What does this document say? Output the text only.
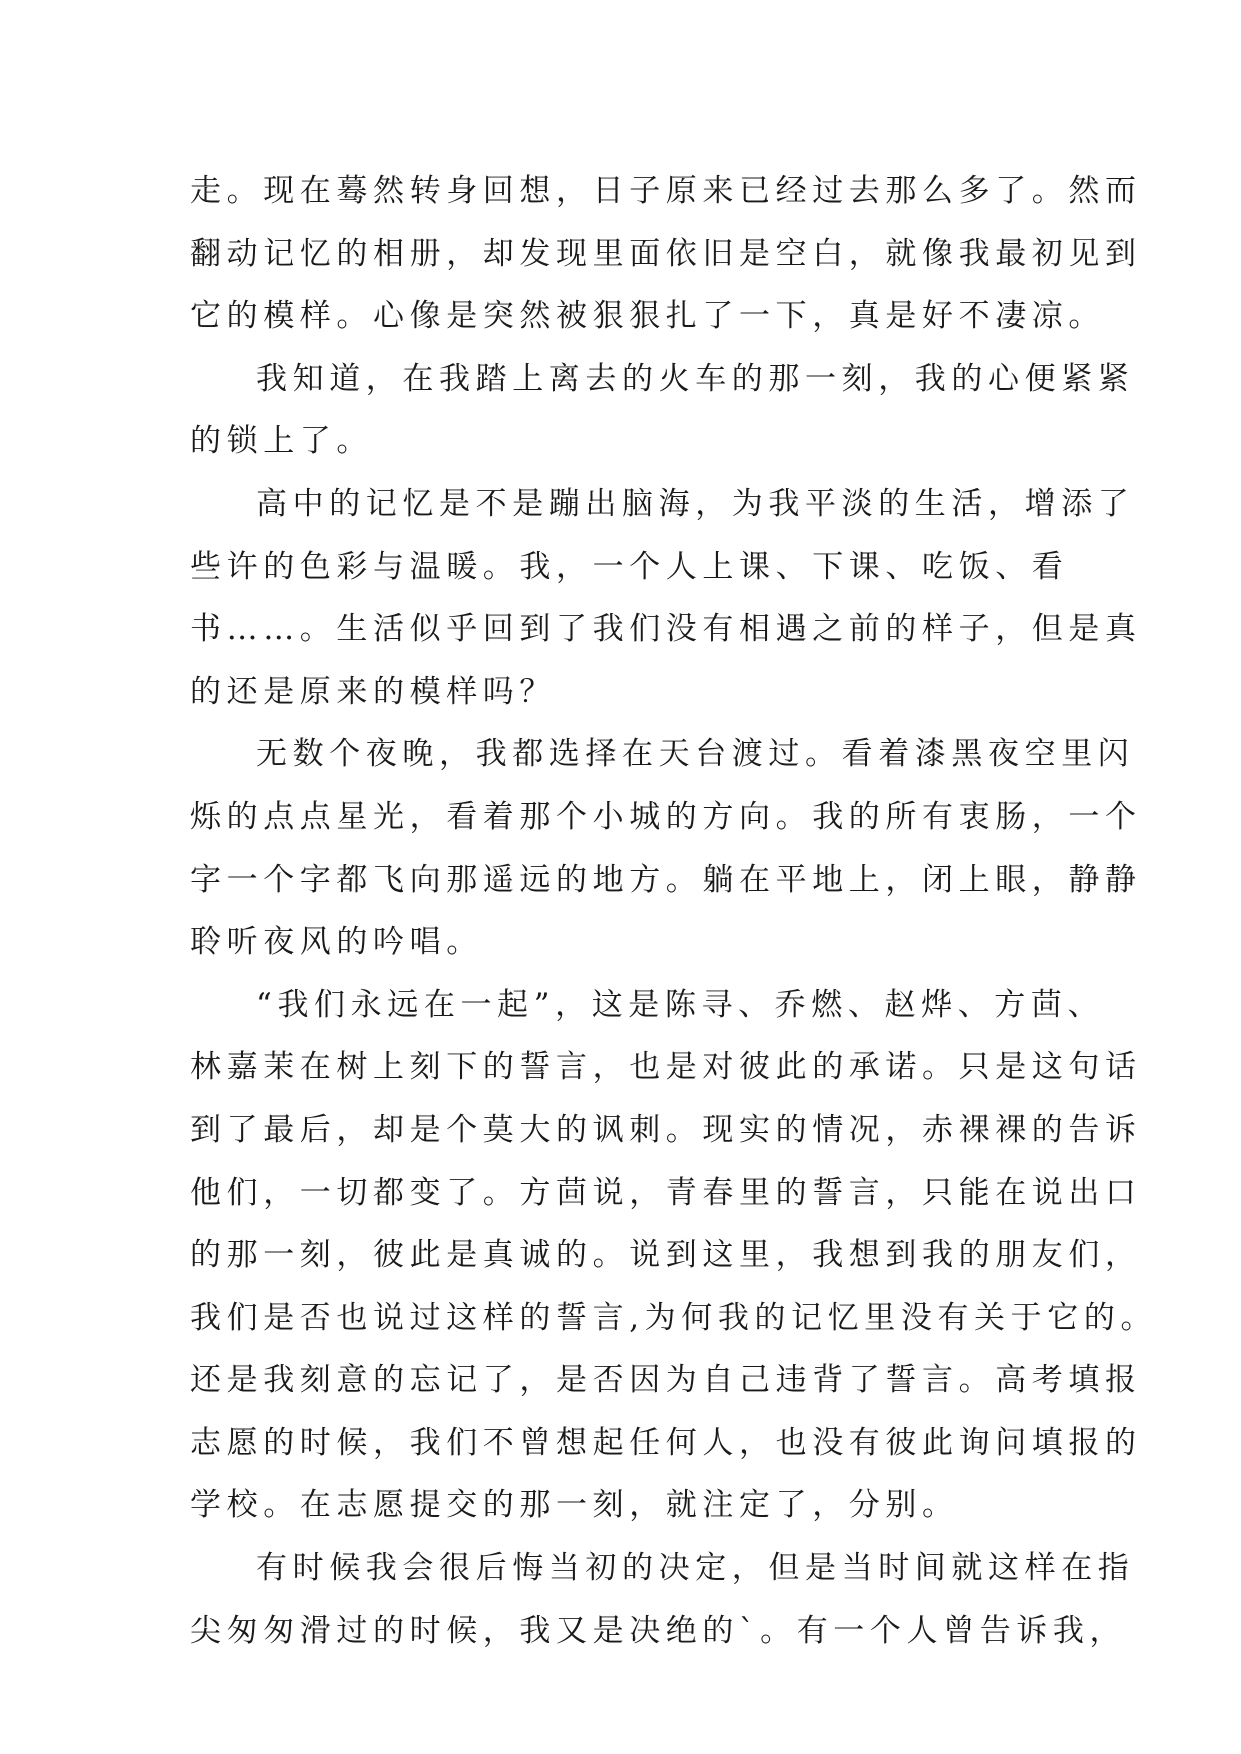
走。现在蓦然转身回想，日子原来已经过去那么多了。然而
翻动记忆的相册，却发现里面依旧是空白，就像我最初见到
它的模样。心像是突然被狠狠扎了一下，真是好不凄凉。
我知道，在我踏上离去的火车的那一刻，我的心便紧紧
的锁上了。
高中的记忆是不是蹦出脑海，为我平淡的生活，增添了
些许的色彩与温暖。我，一个人上课、下课、吃饭、看
书……。生活似乎回到了我们没有相遇之前的样子，但是真
的还是原来的模样吗？
无数个夜晚，我都选择在天台渡过。看着漆黑夜空里闪
烁的点点星光，看着那个小城的方向。我的所有衷肠，一个
字一个字都飞向那遥远的地方。躺在平地上，闭上眼，静静
聆听夜风的吟唱。
“我们永远在一起”，这是陈寻、乔燃、赵烨、方茴、
林嘉茉在树上刻下的誓言，也是对彼此的承诺。只是这句话
到了最后，却是个莫大的讽刺。现实的情况，赤裸裸的告诉
他们，一切都变了。方茴说，青春里的誓言，只能在说出口
的那一刻，彼此是真诚的。说到这里，我想到我的朋友们，
我们是否也说过这样的誓言,为何我的记忆里没有关于它的。
还是我刻意的忘记了，是否因为自己违背了誓言。高考填报
志愿的时候，我们不曾想起任何人，也没有彼此询问填报的
学校。在志愿提交的那一刻，就注定了，分别。
有时候我会很后悔当初的决定，但是当时间就这样在指
尖匆匆滑过的时候，我又是决绝的`。有一个人曾告诉我，
